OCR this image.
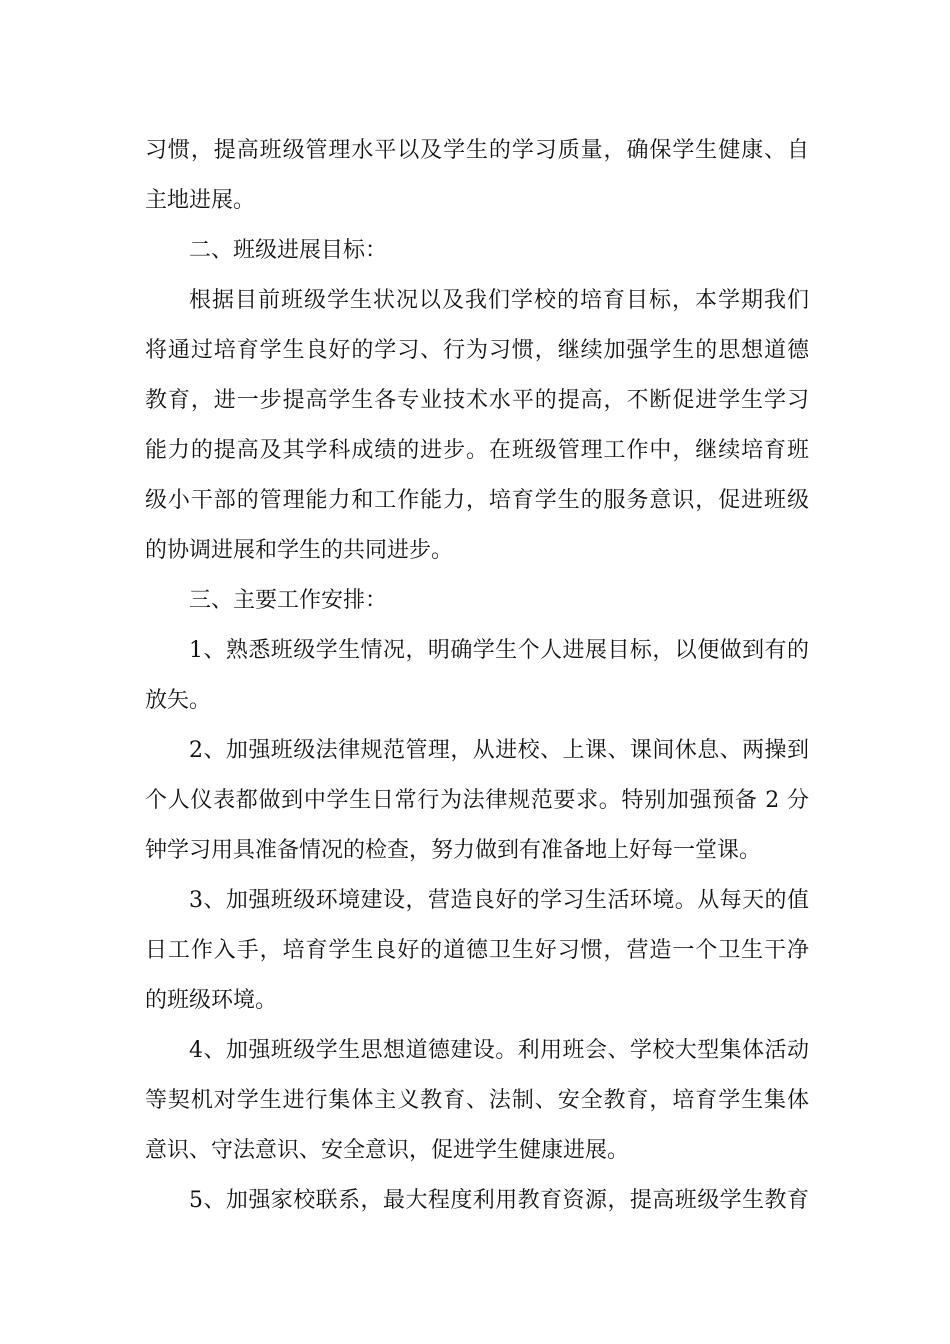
习惯，提高班级管理水平以及学生的学习质量，确保学生健康、自
主地进展。
二、班级进展目标：
根据目前班级学生状况以及我们学校的培育目标，本学期我们
将通过培育学生良好的学习、行为习惯，继续加强学生的思想道德
教育，进一步提高学生各专业技术水平的提高，不断促进学生学习
能力的提高及其学科成绩的进步。在班级管理工作中，继续培育班
级小干部的管理能力和工作能力，培育学生的服务意识，促进班级
的协调进展和学生的共同进步。
三、主要工作安排：
1、熟悉班级学生情况，明确学生个人进展目标，以便做到有的
放矢。
2、加强班级法律规范管理，从进校、上课、课间休息、两操到
个人仪表都做到中学生日常行为法律规范要求。特别加强预备 2 分
钟学习用具准备情况的检查，努力做到有准备地上好每一堂课。
3、加强班级环境建设，营造良好的学习生活环境。从每天的值
日工作入手，培育学生良好的道德卫生好习惯，营造一个卫生干净
的班级环境。
4、加强班级学生思想道德建设。利用班会、学校大型集体活动
等契机对学生进行集体主义教育、法制、安全教育，培育学生集体
意识、守法意识、安全意识，促进学生健康进展。
5、加强家校联系，最大程度利用教育资源，提高班级学生教育
